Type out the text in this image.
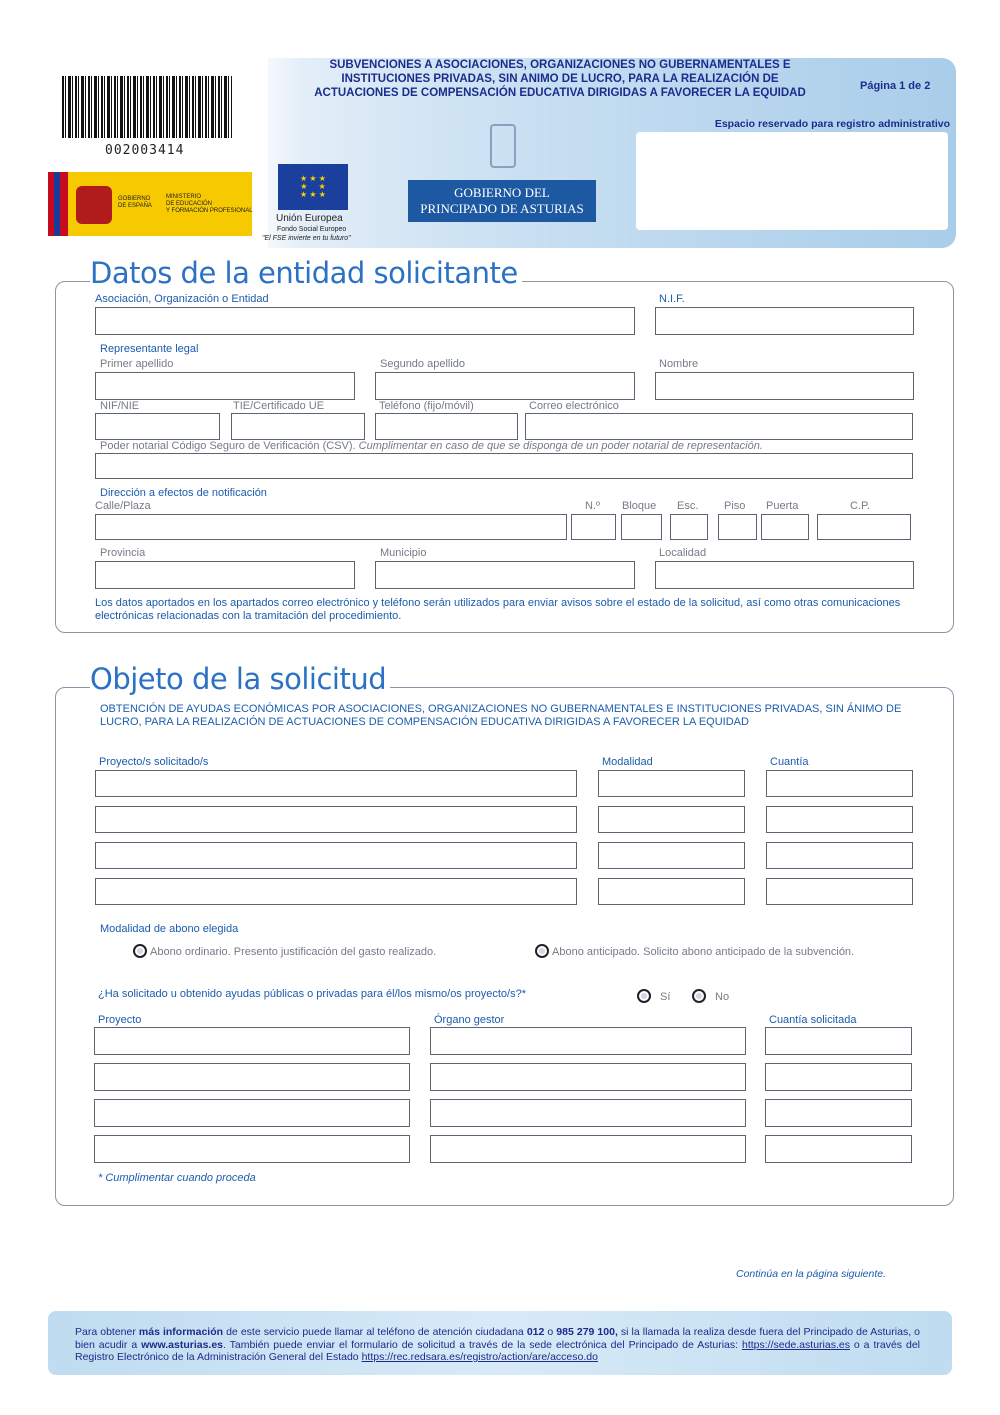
SUBVENCIONES A ASOCIACIONES, ORGANIZACIONES NO GUBERNAMENTALES E
INSTITUCIONES PRIVADAS, SIN ANIMO DE LUCRO, PARA LA REALIZACIÓN DE
ACTUACIONES DE COMPENSACIÓN EDUCATIVA DIRIGIDAS A FAVORECER LA EQUIDAD
Página 1 de 2
Espacio reservado para registro administrativo
002003414
GOBIERNO
DE ESPAÑA
MINISTERIO
DE EDUCACIÓN
Y FORMACIÓN PROFESIONAL
★ ★ ★
★     ★
★ ★ ★
Unión Europea
Fondo Social Europeo
"El FSE invierte en tu futuro"
GOBIERNO DEL
PRINCIPADO DE ASTURIAS
Datos de la entidad solicitante
Asociación, Organización o Entidad	N.I.F.
Representante legal
Primer apellido	Segundo apellido	Nombre
NIF/NIE	TIE/Certificado UE	Teléfono (fijo/móvil)	Correo electrónico
Poder notarial Código Seguro de Verificación (CSV). Cumplimentar en caso de que se disponga de un poder notarial de representación.
Dirección a efectos de notificación
Calle/Plaza	N.º Bloque Esc. Piso Puerta	C.P.
Provincia	Municipio	Localidad
Los datos aportados en los apartados correo electrónico y teléfono serán utilizados para enviar avisos sobre el estado de la solicitud, así como otras comunicaciones electrónicas relacionadas con la tramitación del procedimiento.
Objeto de la solicitud
OBTENCIÓN DE AYUDAS ECONÓMICAS POR ASOCIACIONES, ORGANIZACIONES NO GUBERNAMENTALES E INSTITUCIONES PRIVADAS, SIN ÁNIMO DE LUCRO, PARA LA REALIZACIÓN DE ACTUACIONES DE COMPENSACIÓN EDUCATIVA DIRIGIDAS A FAVORECER LA EQUIDAD
Proyecto/s solicitado/s	Modalidad	Cuantía
Modalidad de abono elegida
Abono ordinario. Presento justificación del gasto realizado.	Abono anticipado. Solicito abono anticipado de la subvención.
¿Ha solicitado u obtenido ayudas públicas o privadas para él/los mismo/os proyecto/s?*	Sí	No
Proyecto	Órgano gestor	Cuantía solicitada
* Cumplimentar cuando proceda
Continúa en la página siguiente.
Para obtener más información de este servicio puede llamar al teléfono de atención ciudadana 012 o 985 279 100, si la llamada la realiza desde fuera del Principado de Asturias, o bien acudir a www.asturias.es. También puede enviar el formulario de solicitud a través de la sede electrónica del Principado de Asturias: https://sede.asturias.es o a través del Registro Electrónico de la Administración General del Estado https://rec.redsara.es/registro/action/are/acceso.do
